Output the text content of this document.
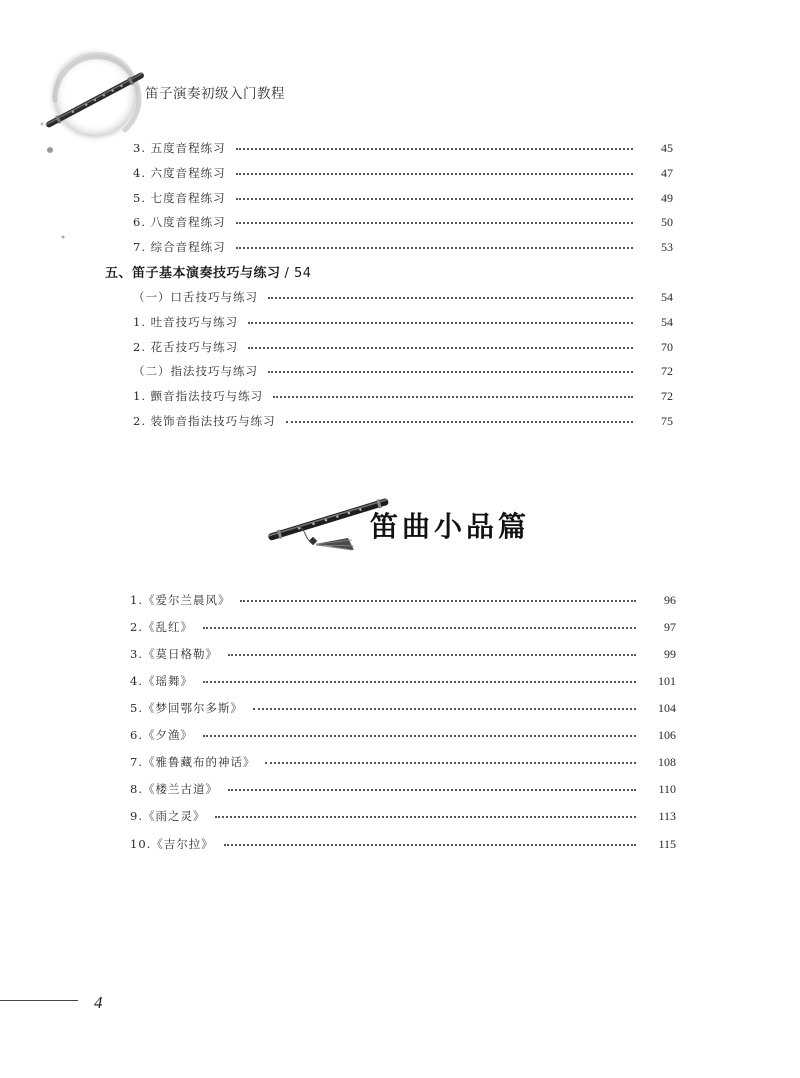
笛子演奏初级入门教程
3. 五度音程练习	45
4. 六度音程练习	47
5. 七度音程练习	49
6. 八度音程练习	50
7. 综合音程练习	53
五、笛子基本演奏技巧与练习 / 54
（一）口舌技巧与练习	54
1. 吐音技巧与练习	54
2. 花舌技巧与练习	70
（二）指法技巧与练习	72
1. 颤音指法技巧与练习	72
2. 装饰音指法技巧与练习	75
笛曲小品篇
1.《爱尔兰晨风》	96
2.《乱红》	97
3.《莫日格勒》	99
4.《瑶舞》	101
5.《梦回鄂尔多斯》	104
6.《夕渔》	106
7.《雅鲁藏布的神话》	108
8.《楼兰古道》	110
9.《雨之灵》	113
10.《吉尔拉》	115
4
